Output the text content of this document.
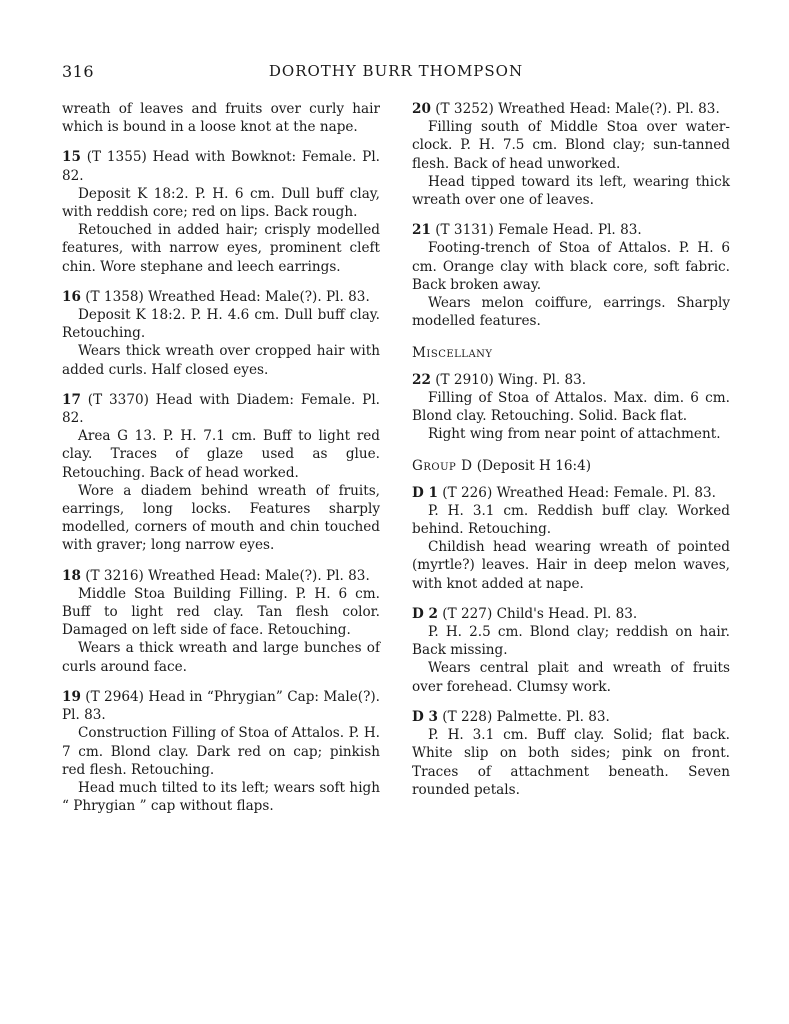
316	DOROTHY BURR THOMPSON

wreath of leaves and fruits over curly hair which is bound in a loose knot at the nape.

15 (T 1355) Head with Bowknot: Female. Pl. 82.

Deposit K 18:2. P. H. 6 cm. Dull buff clay, with reddish core; red on lips. Back rough.

Retouched in added hair; crisply modelled features, with narrow eyes, prominent cleft chin. Wore stephane and leech earrings.

16 (T 1358) Wreathed Head: Male(?). Pl. 83.

Deposit K 18:2. P. H. 4.6 cm. Dull buff clay. Retouching.

Wears thick wreath over cropped hair with added curls. Half closed eyes.

17 (T 3370) Head with Diadem: Female. Pl. 82.

Area G 13. P. H. 7.1 cm. Buff to light red clay. Traces of glaze used as glue. Retouching. Back of head worked.

Wore a diadem behind wreath of fruits, earrings, long locks. Features sharply modelled, corners of mouth and chin touched with graver; long narrow eyes.

18 (T 3216) Wreathed Head: Male(?). Pl. 83.

Middle Stoa Building Filling. P. H. 6 cm. Buff to light red clay. Tan flesh color. Damaged on left side of face. Retouching.

Wears a thick wreath and large bunches of curls around face.

19 (T 2964) Head in “Phrygian” Cap: Male(?). Pl. 83.

Construction Filling of Stoa of Attalos. P. H. 7 cm. Blond clay. Dark red on cap; pinkish red flesh. Retouching.

Head much tilted to its left; wears soft high “ Phrygian ” cap without flaps.

20 (T 3252) Wreathed Head: Male(?). Pl. 83.

Filling south of Middle Stoa over water-clock. P. H. 7.5 cm. Blond clay; sun-tanned flesh. Back of head unworked.

Head tipped toward its left, wearing thick wreath over one of leaves.

21 (T 3131) Female Head. Pl. 83.

Footing-trench of Stoa of Attalos. P. H. 6 cm. Orange clay with black core, soft fabric. Back broken away.

Wears melon coiffure, earrings. Sharply modelled features.

Miscellany

22 (T 2910) Wing. Pl. 83.

Filling of Stoa of Attalos. Max. dim. 6 cm. Blond clay. Retouching. Solid. Back flat.

Right wing from near point of attachment.

Group D (Deposit H 16:4)

D 1 (T 226) Wreathed Head: Female. Pl. 83.

P. H. 3.1 cm. Reddish buff clay. Worked behind. Retouching.

Childish head wearing wreath of pointed (myrtle?) leaves. Hair in deep melon waves, with knot added at nape.

D 2 (T 227) Child's Head. Pl. 83.

P. H. 2.5 cm. Blond clay; reddish on hair. Back missing.

Wears central plait and wreath of fruits over forehead. Clumsy work.

D 3 (T 228) Palmette. Pl. 83.

P. H. 3.1 cm. Buff clay. Solid; flat back. White slip on both sides; pink on front. Traces of attachment beneath. Seven rounded petals.
